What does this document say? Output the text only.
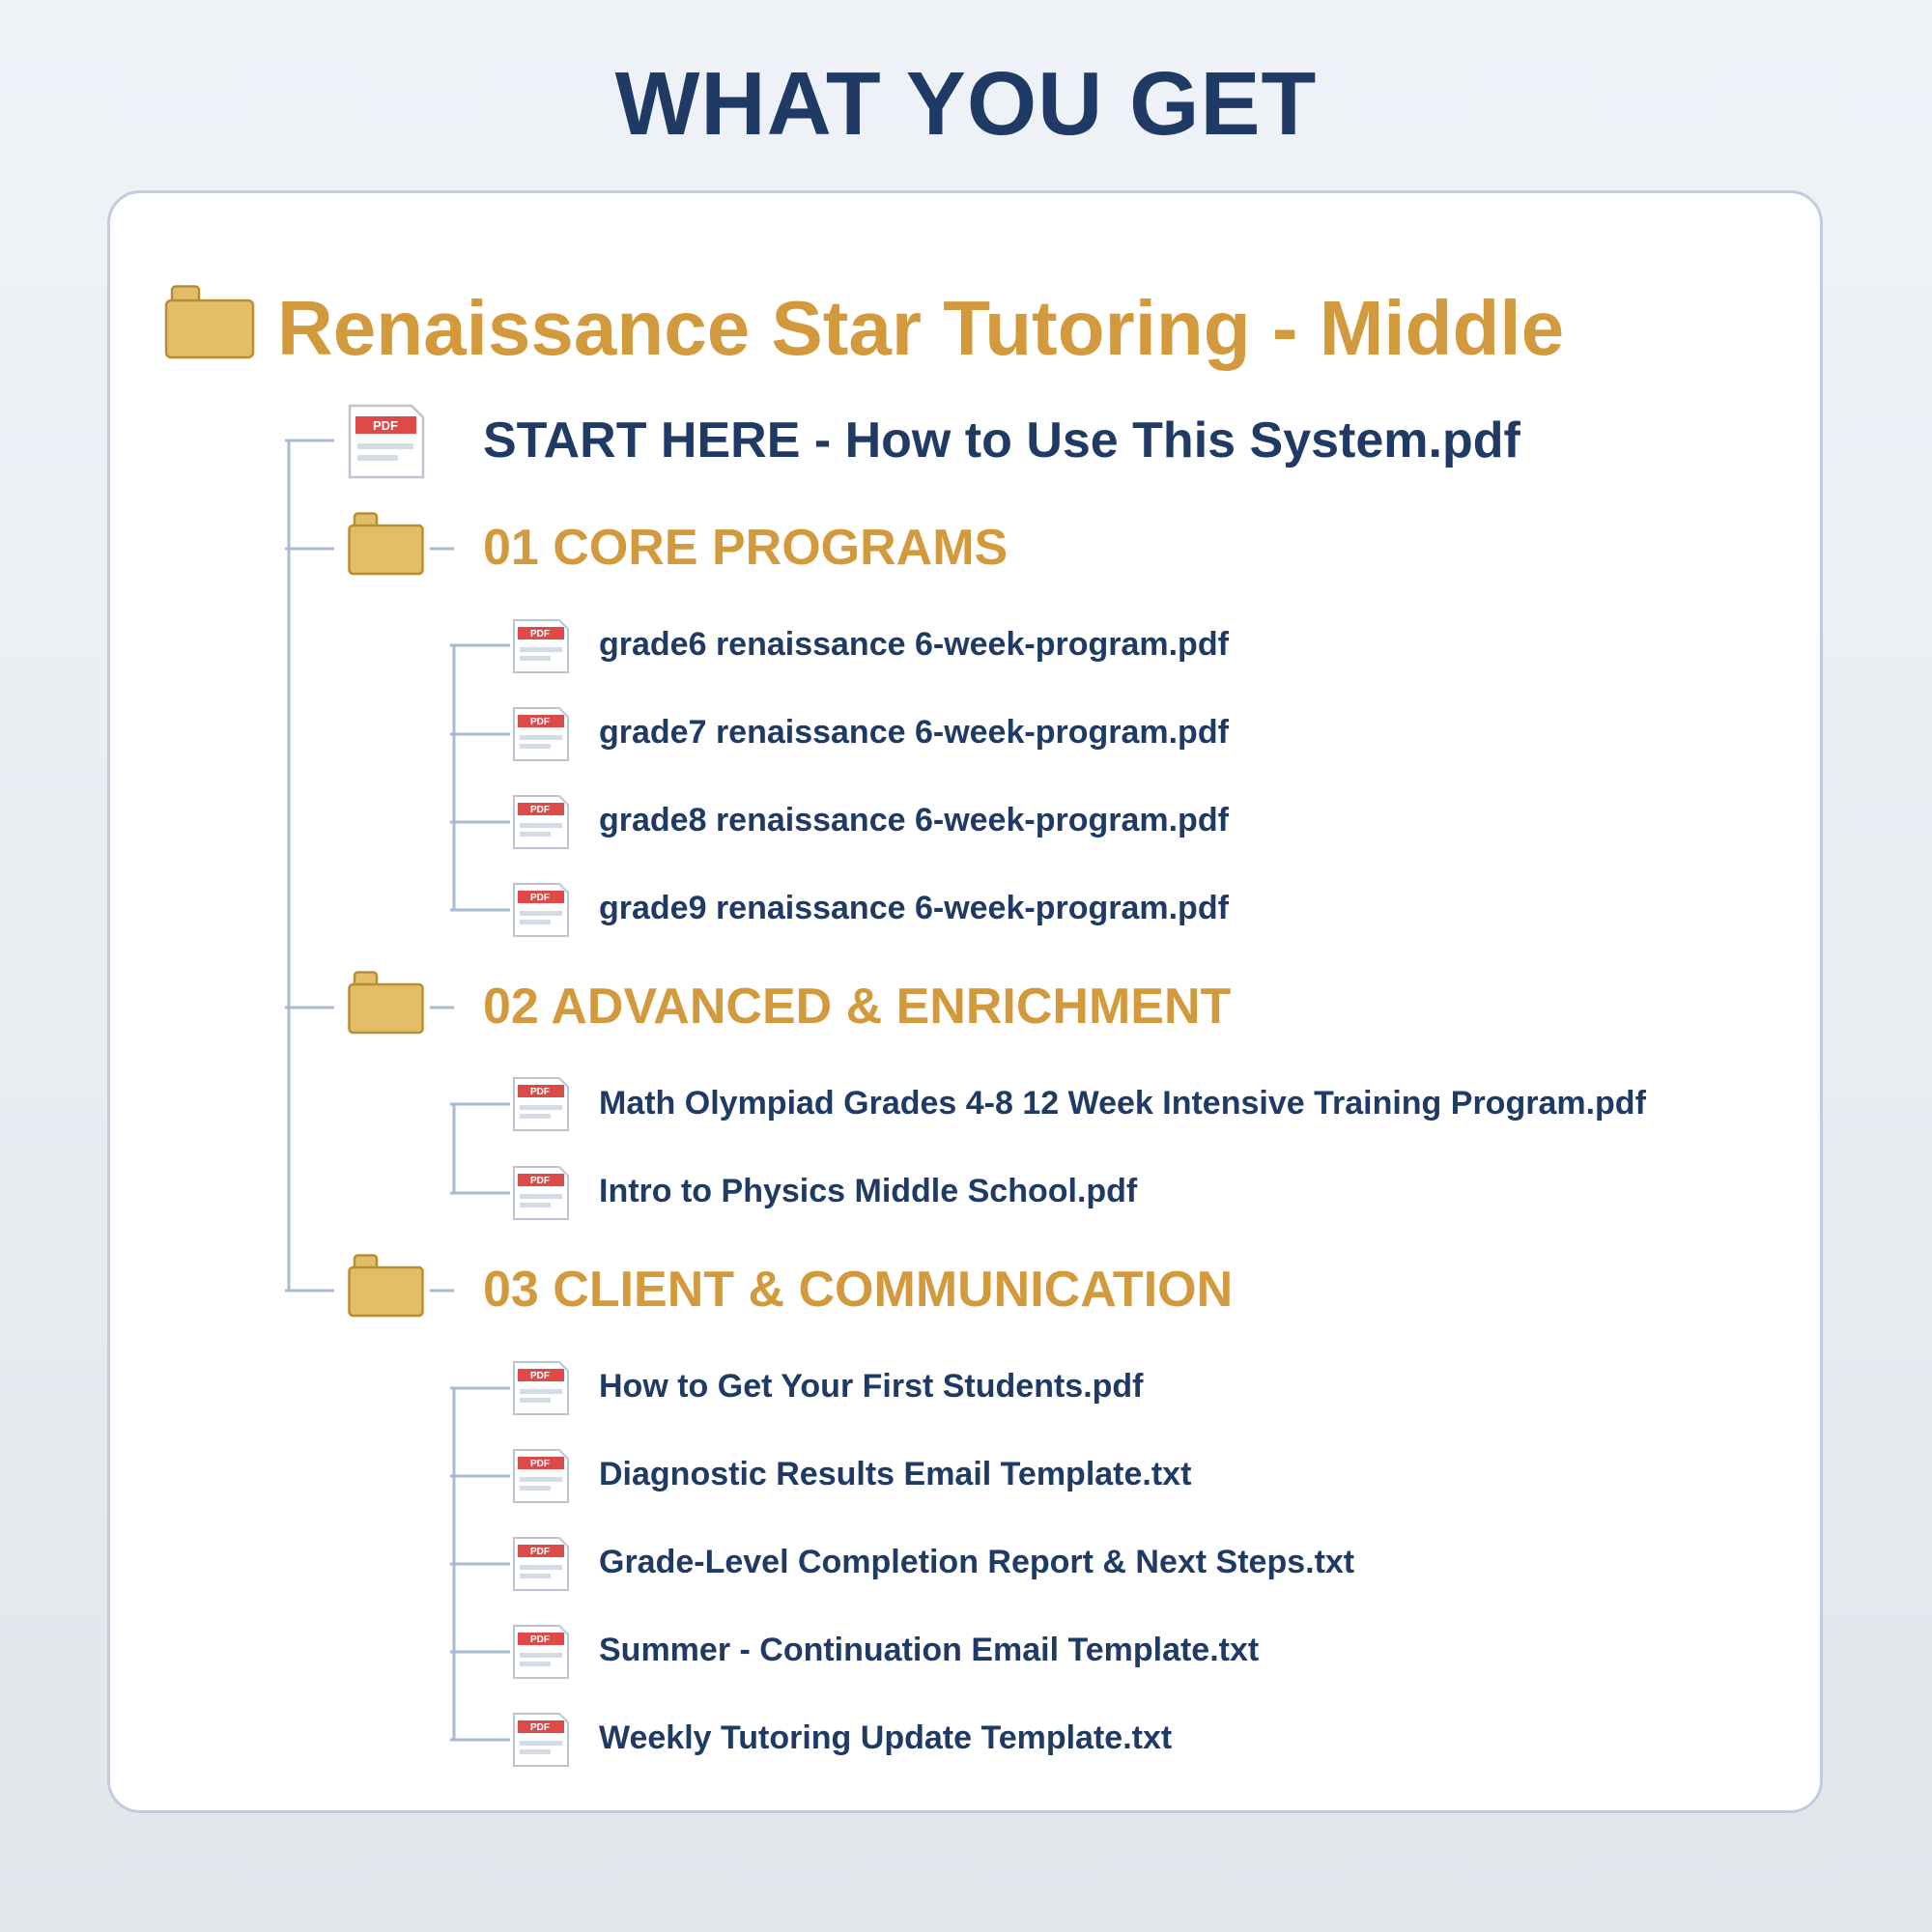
WHAT YOU GET
Renaissance Star Tutoring - Middle
PDF START HERE - How to Use This System.pdf
01 CORE PROGRAMS
PDF grade6 renaissance 6-week-program.pdf
PDF grade7 renaissance 6-week-program.pdf
PDF grade8 renaissance 6-week-program.pdf
PDF grade9 renaissance 6-week-program.pdf
02 ADVANCED & ENRICHMENT
PDF Math Olympiad Grades 4-8 12 Week Intensive Training Program.pdf
PDF Intro to Physics Middle School.pdf
03 CLIENT & COMMUNICATION
PDF How to Get Your First Students.pdf
PDF Diagnostic Results Email Template.txt
PDF Grade-Level Completion Report & Next Steps.txt
PDF Summer - Continuation Email Template.txt
PDF Weekly Tutoring Update Template.txt
